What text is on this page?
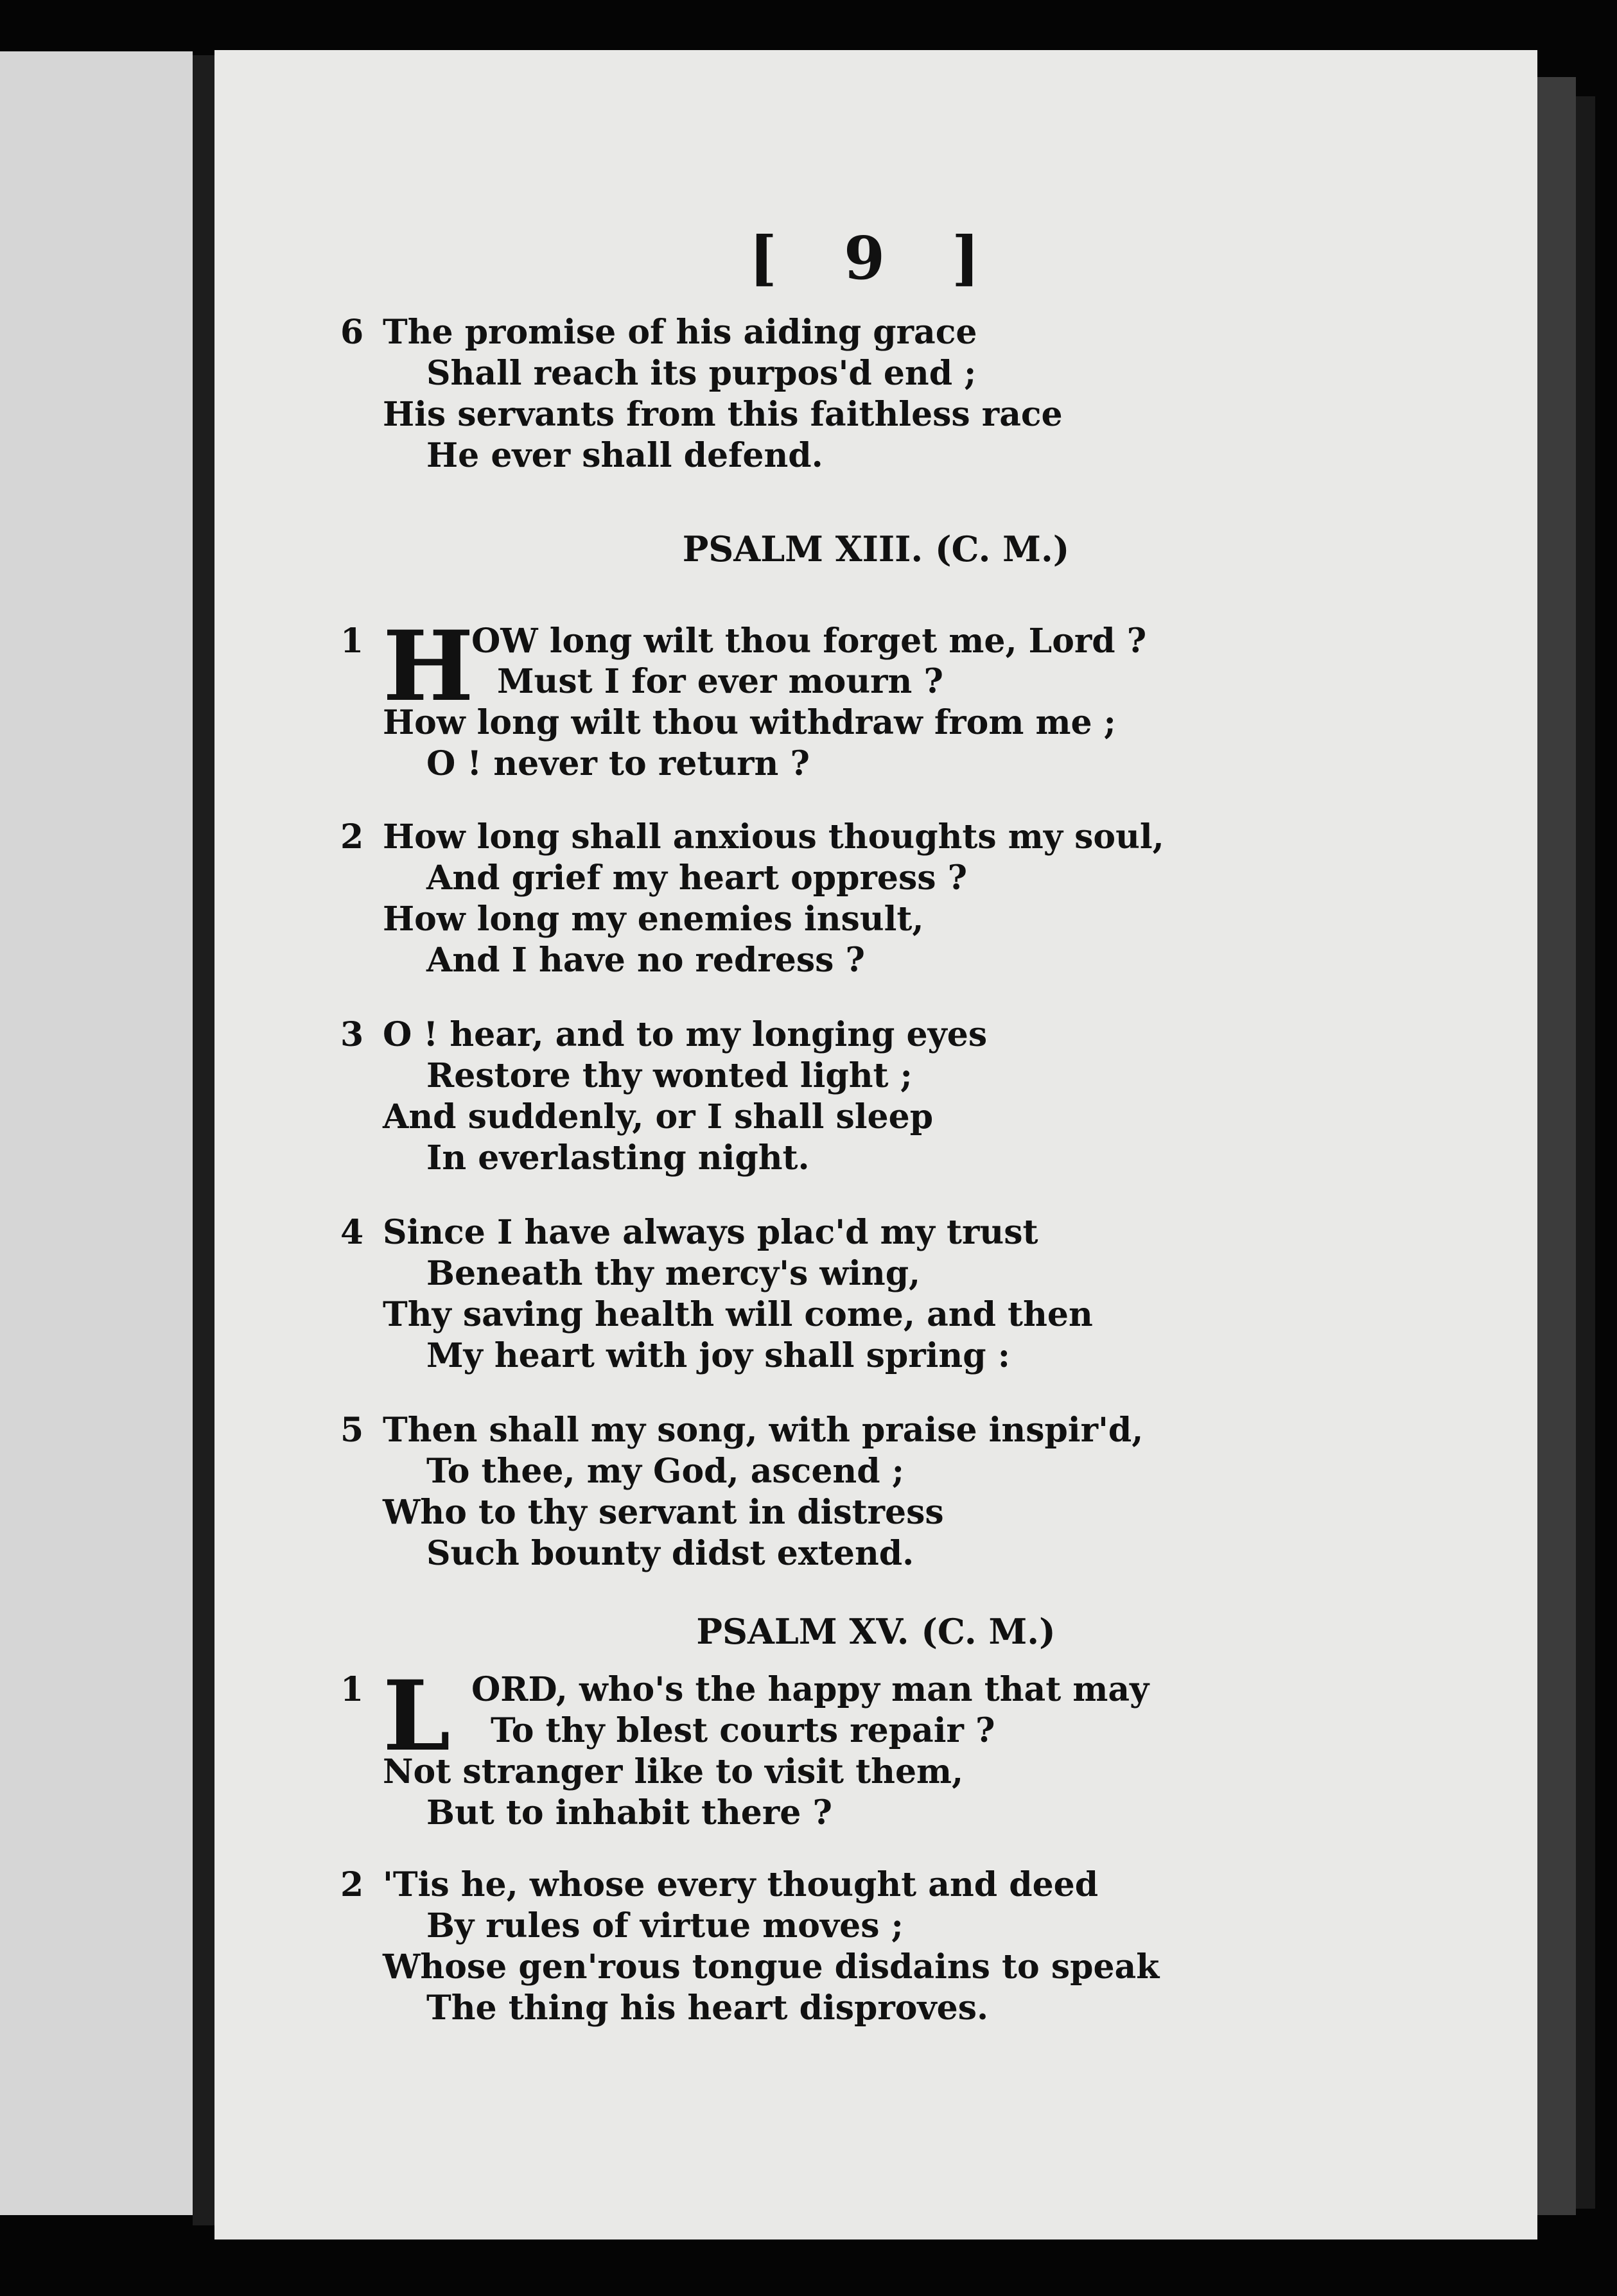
[ 9 ]
6 The promise of his aiding grace
Shall reach its purpos'd end ;
His servants from this faithless race
He ever shall defend.
PSALM XIII. (C. M.)
1 H
OW long wilt thou forget me, Lord ?
Must I for ever mourn ?
How long wilt thou withdraw from me ;
O ! never to return ?
2 How long shall anxious thoughts my soul,
And grief my heart oppress ?
How long my enemies insult,
And I have no redress ?
3 O ! hear, and to my longing eyes
Restore thy wonted light ;
And suddenly, or I shall sleep
In everlasting night.
4 Since I have always plac'd my trust
Beneath thy mercy's wing,
Thy saving health will come, and then
My heart with joy shall spring :
5 Then shall my song, with praise inspir'd,
To thee, my God, ascend ;
Who to thy servant in distress
Such bounty didst extend.
PSALM XV. (C. M.)
1 L ORD, who's the happy man that may
To thy blest courts repair ?
Not stranger like to visit them,
But to inhabit there ?
2 'Tis he, whose every thought and deed
By rules of virtue moves ;
Whose gen'rous tongue disdains to speak
The thing his heart disproves.
